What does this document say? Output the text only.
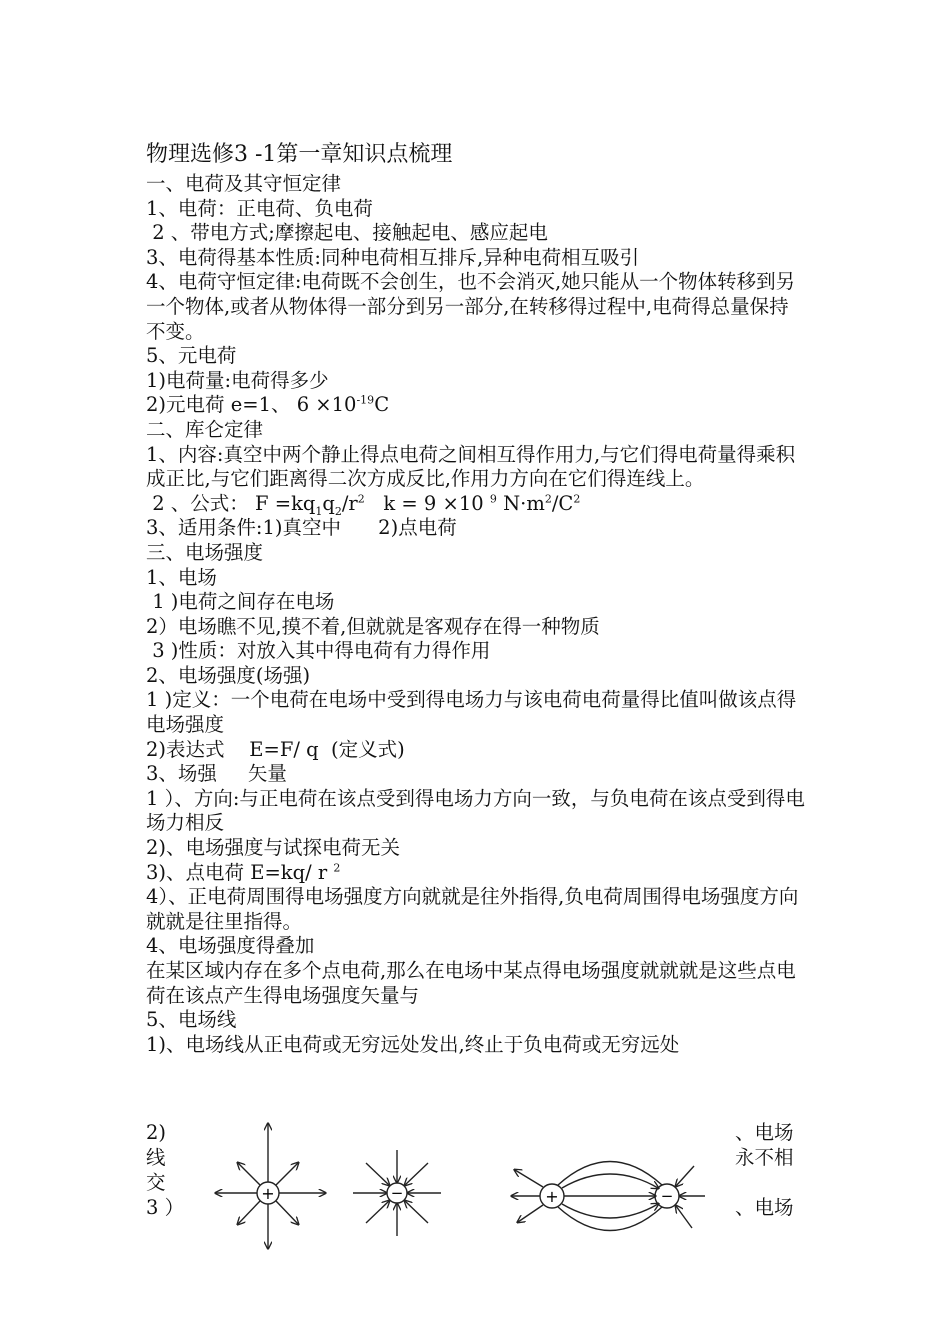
物理选修3 -1第一章知识点梳理

一、电荷及其守恒定律

1、电荷：正电荷、负电荷

2 、带电方式;摩擦起电、接触起电、感应起电

3、电荷得基本性质:同种电荷相互排斥,异种电荷相互吸引

4、电荷守恒定律:电荷既不会创生，也不会消灭,她只能从一个物体转移到另一个物体,或者从物体得一部分到另一部分,在转移得过程中,电荷得总量保持不变。

5、元电荷

1)电荷量:电荷得多少

2)元电荷 e=1、 $6 \times 10^{-19}C$

二、库仑定律

1、内容:真空中两个静止得点电荷之间相互得作用力,与它们得电荷量得乘积成正比,与它们距离得二次方成反比,作用力方向在它们得连线上。

2 、公式： $F =kq_1q_2/r^2$   k = 9 ×10 $^9$ $N\cdot m^2/C^2$

3、适用条件:1)真空中      2)点电荷

三、电场强度

1、电场

1 )电荷之间存在电场

2）电场瞧不见,摸不着,但就就是客观存在得一种物质

3 )性质：对放入其中得电荷有力得作用

2、电场强度(场强)

1 )定义：一个电荷在电场中受到得电场力与该电荷电荷量得比值叫做该点得电场强度

2)表达式    E=F/ q  (定义式)

3、场强     矢量

1 ）、方向:与正电荷在该点受到得电场力方向一致，与负电荷在该点受到得电场力相反

2)、电场强度与试探电荷无关

3)、点电荷 E=kq/ r $^2$

4）、正电荷周围得电场强度方向就就是往外指得,负电荷周围得电场强度方向就就是往里指得。

4、电场强度得叠加

在某区域内存在多个点电荷,那么在电场中某点得电场强度就就就是这些点电荷在该点产生得电场强度矢量与

5、电场线

1)、电场线从正电荷或无穷远处发出,终止于负电荷或无穷远处

2)
线
交
3 ）
、电场
永不相
、电场
+	−	+	−
